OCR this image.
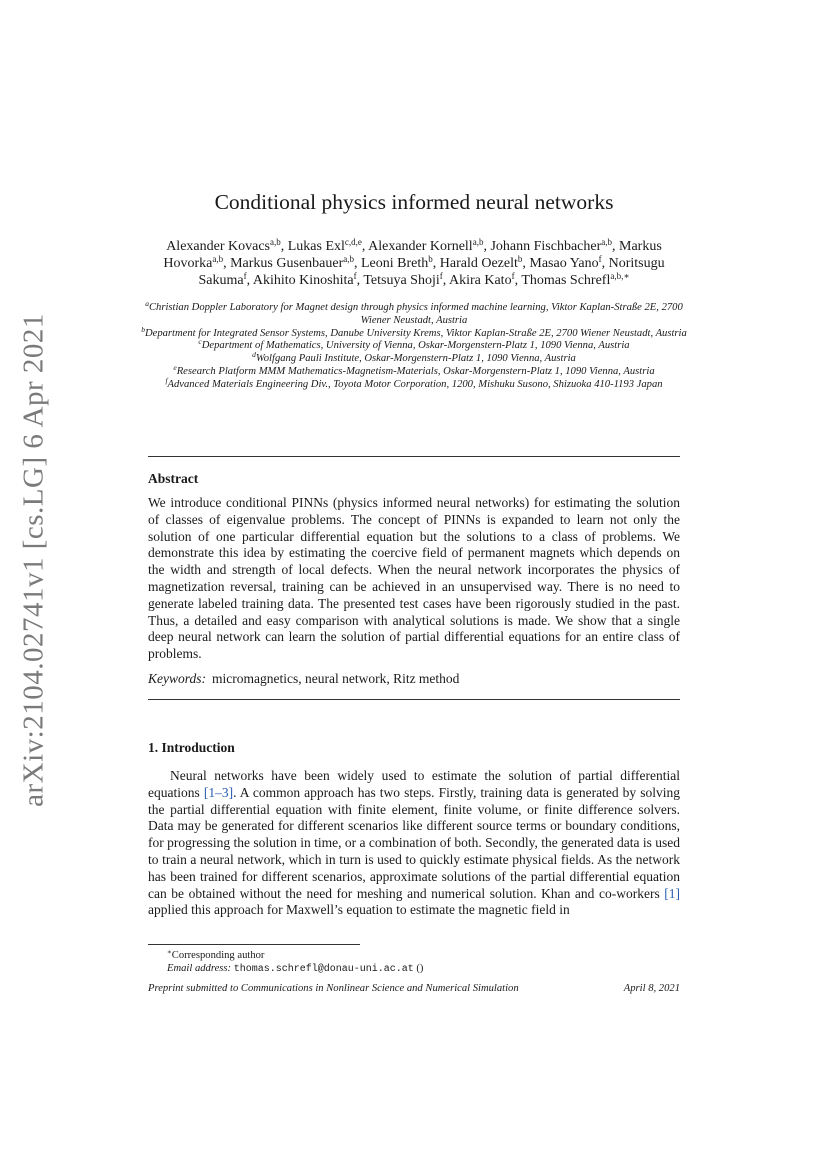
arXiv:2104.02741v1 [cs.LG] 6 Apr 2021
Conditional physics informed neural networks
Alexander Kovacs$^{a,b}$, Lukas Exl$^{c,d,e}$, Alexander Kornell$^{a,b}$, Johann Fischbacher$^{a,b}$, Markus
Hovorka$^{a,b}$, Markus Gusenbauer$^{a,b}$, Leoni Breth$^b$, Harald Oezelt$^b$, Masao Yano$^f$, Noritsugu
Sakuma$^f$, Akihito Kinoshita$^f$, Tetsuya Shoji$^f$, Akira Kato$^f$, Thomas Schrefl$^{a,b,∗}$
$^a$Christian Doppler Laboratory for Magnet design through physics informed machine learning, Viktor Kaplan-Straße 2E, 2700 Wiener Neustadt, Austria
$^b$Department for Integrated Sensor Systems, Danube University Krems, Viktor Kaplan-Straße 2E, 2700 Wiener Neustadt, Austria
$^c$Department of Mathematics, University of Vienna, Oskar-Morgenstern-Platz 1, 1090 Vienna, Austria
$^d$Wolfgang Pauli Institute, Oskar-Morgenstern-Platz 1, 1090 Vienna, Austria
$^e$Research Platform MMM Mathematics-Magnetism-Materials, Oskar-Morgenstern-Platz 1, 1090 Vienna, Austria
$^f$Advanced Materials Engineering Div., Toyota Motor Corporation, 1200, Mishuku Susono, Shizuoka 410-1193 Japan
Abstract
We introduce conditional PINNs (physics informed neural networks) for estimating the solution of classes of eigenvalue problems. The concept of PINNs is expanded to learn not only the solution of one particular differential equation but the solutions to a class of problems. We demonstrate this idea by estimating the coercive field of permanent magnets which depends on the width and strength of local defects. When the neural network incorporates the physics of magnetization reversal, training can be achieved in an unsupervised way. There is no need to generate labeled training data. The presented test cases have been rigorously studied in the past. Thus, a detailed and easy comparison with analytical solutions is made. We show that a single deep neural network can learn the solution of partial differential equations for an entire class of problems.
Keywords: micromagnetics, neural network, Ritz method
1. Introduction
Neural networks have been widely used to estimate the solution of partial differential equations [1–3]. A common approach has two steps. Firstly, training data is generated by solving the partial differential equation with finite element, finite volume, or finite difference solvers. Data may be generated for different scenarios like different source terms or boundary conditions, for progressing the solution in time, or a combination of both. Secondly, the generated data is used to train a neural network, which in turn is used to quickly estimate physical fields. As the network has been trained for different scenarios, approximate solutions of the partial differential equation can be obtained without the need for meshing and numerical solution. Khan and co-workers [1] applied this approach for Maxwell’s equation to estimate the magnetic field in
∗Corresponding author
Email address: thomas.schrefl@donau-uni.ac.at ()
Preprint submitted to Communications in Nonlinear Science and Numerical Simulation	April 8, 2021
